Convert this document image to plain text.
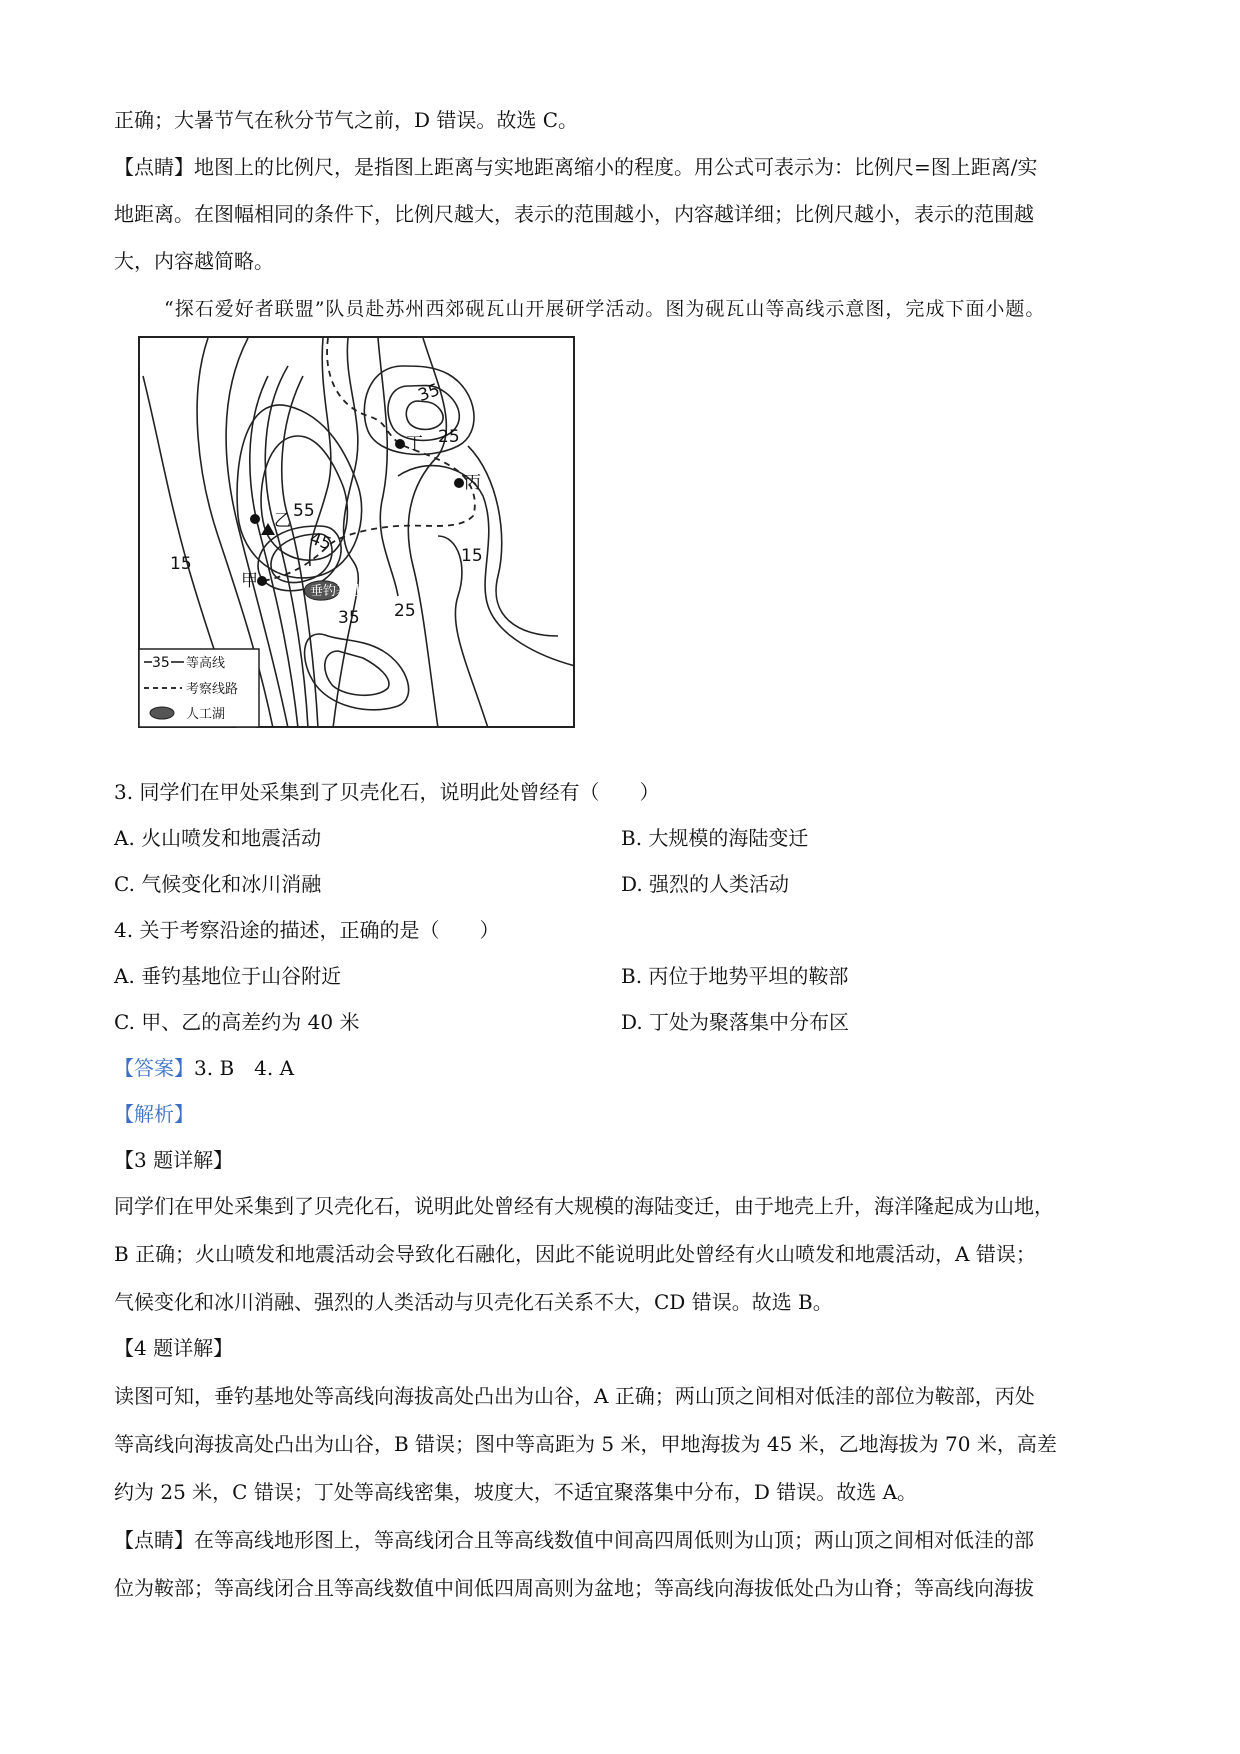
正确；大暑节气在秋分节气之前，D 错误。故选 C。
【点睛】地图上的比例尺，是指图上距离与实地距离缩小的程度。用公式可表示为：比例尺=图上距离/实
地距离。在图幅相同的条件下，比例尺越大，表示的范围越小，内容越详细；比例尺越小，表示的范围越
大，内容越简略。
“探石爱好者联盟”队员赴苏州西郊砚瓦山开展研学活动。图为砚瓦山等高线示意图，完成下面小题。
35
25
55
45
15
35 25
15
丁
丙
乙
甲
垂钓基地
35 等高线
考察线路
人工湖
3. 同学们在甲处采集到了贝壳化石，说明此处曾经有（　　）
A. 火山喷发和地震活动	B. 大规模的海陆变迁
C. 气候变化和冰川消融	D. 强烈的人类活动
4. 关于考察沿途的描述，正确的是（　　）
A. 垂钓基地位于山谷附近	B. 丙位于地势平坦的鞍部
C. 甲、乙的高差约为 40 米	D. 丁处为聚落集中分布区
【答案】3. B　4. A
【解析】
【3 题详解】
同学们在甲处采集到了贝壳化石，说明此处曾经有大规模的海陆变迁，由于地壳上升，海洋隆起成为山地，
B 正确；火山喷发和地震活动会导致化石融化，因此不能说明此处曾经有火山喷发和地震活动，A 错误；
气候变化和冰川消融、强烈的人类活动与贝壳化石关系不大，CD 错误。故选 B。
【4 题详解】
读图可知，垂钓基地处等高线向海拔高处凸出为山谷，A 正确；两山顶之间相对低洼的部位为鞍部，丙处
等高线向海拔高处凸出为山谷，B 错误；图中等高距为 5 米，甲地海拔为 45 米，乙地海拔为 70 米，高差
约为 25 米，C 错误；丁处等高线密集，坡度大，不适宜聚落集中分布，D 错误。故选 A。
【点睛】在等高线地形图上，等高线闭合且等高线数值中间高四周低则为山顶；两山顶之间相对低洼的部
位为鞍部；等高线闭合且等高线数值中间低四周高则为盆地；等高线向海拔低处凸为山脊；等高线向海拔
